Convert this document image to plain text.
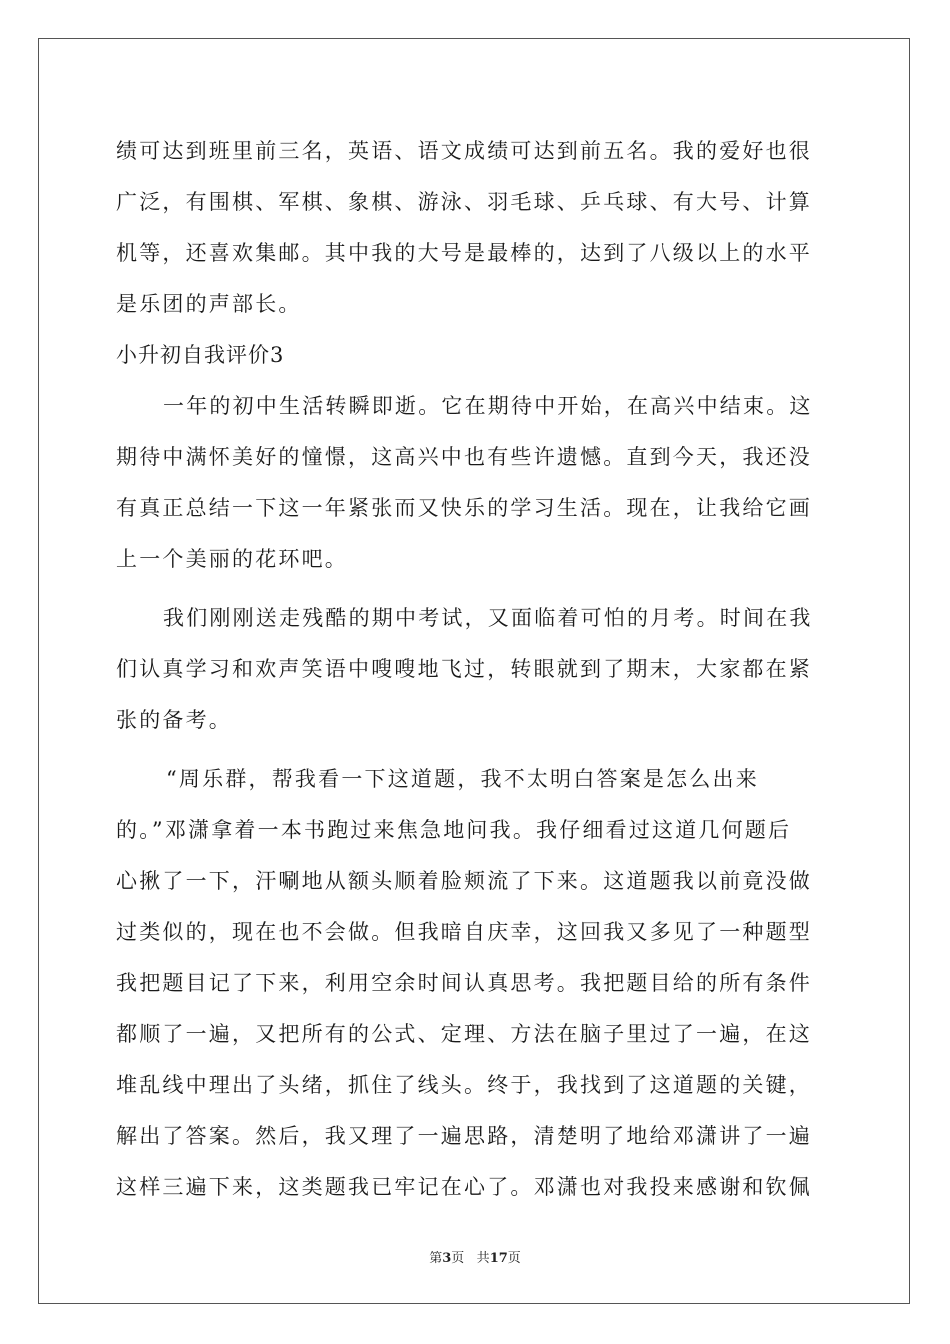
绩可达到班里前三名，英语、语文成绩可达到前五名。我的爱好也很
广泛，有围棋、军棋、象棋、游泳、羽毛球、乒乓球、有大号、计算
机等，还喜欢集邮。其中我的大号是最棒的，达到了八级以上的水平
是乐团的声部长。
小升初自我评价3
一年的初中生活转瞬即逝。它在期待中开始，在高兴中结束。这
期待中满怀美好的憧憬，这高兴中也有些许遗憾。直到今天，我还没
有真正总结一下这一年紧张而又快乐的学习生活。现在，让我给它画
上一个美丽的花环吧。
我们刚刚送走残酷的期中考试，又面临着可怕的月考。时间在我
们认真学习和欢声笑语中嗖嗖地飞过，转眼就到了期末，大家都在紧
张的备考。
“周乐群，帮我看一下这道题，我不太明白答案是怎么出来
的。”邓潇拿着一本书跑过来焦急地问我。我仔细看过这道几何题后
心揪了一下，汗唰地从额头顺着脸颊流了下来。这道题我以前竟没做
过类似的，现在也不会做。但我暗自庆幸，这回我又多见了一种题型
我把题目记了下来，利用空余时间认真思考。我把题目给的所有条件
都顺了一遍，又把所有的公式、定理、方法在脑子里过了一遍，在这
堆乱线中理出了头绪，抓住了线头。终于，我找到了这道题的关键，
解出了答案。然后，我又理了一遍思路，清楚明了地给邓潇讲了一遍
这样三遍下来，这类题我已牢记在心了。邓潇也对我投来感谢和钦佩
第3页 共17页
